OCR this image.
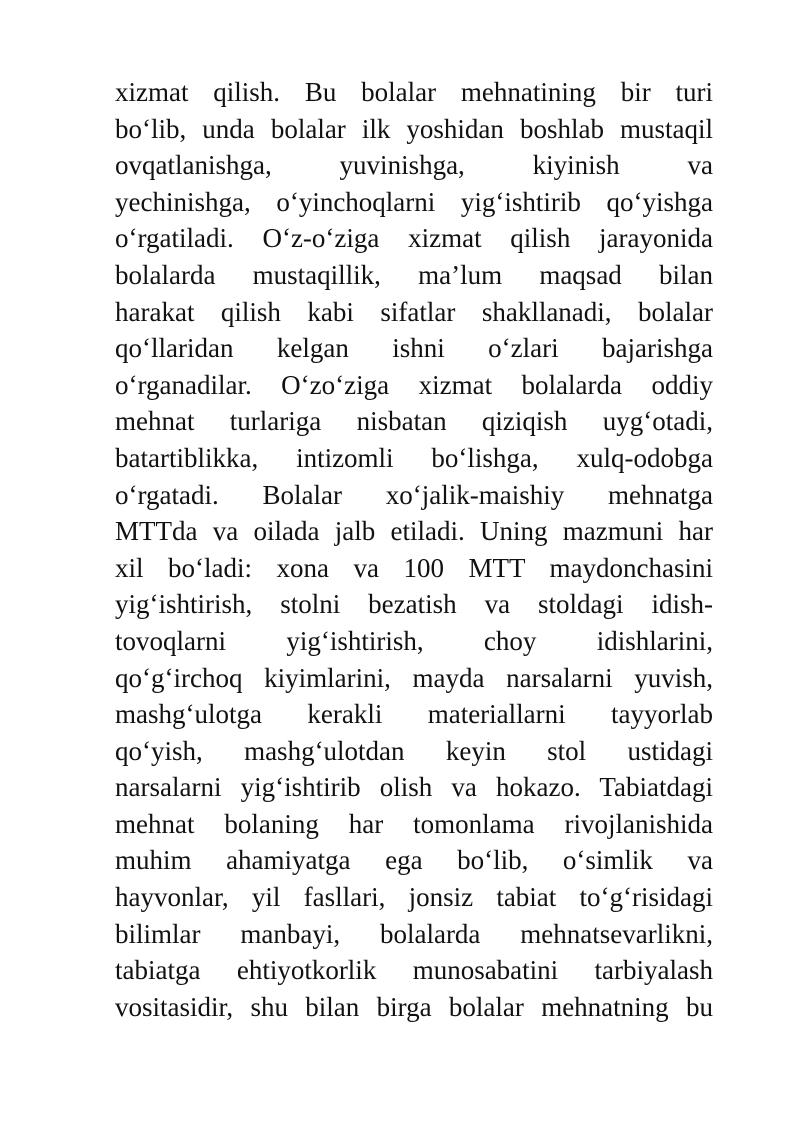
xizmat qilish. Bu bolalar mehnatining bir turi
bo‘lib, unda bolalar ilk yoshidan boshlab mustaqil
ovqatlanishga, yuvinishga, kiyinish va
yechinishga, o‘yinchoqlarni yig‘ishtirib qo‘yishga
o‘rgatiladi. O‘z-o‘ziga xizmat qilish jarayonida
bolalarda mustaqillik, ma’lum maqsad bilan
harakat qilish kabi sifatlar shakllanadi, bolalar
qo‘llaridan kelgan ishni o‘zlari bajarishga
o‘rganadilar. O‘zo‘ziga xizmat bolalarda oddiy
mehnat turlariga nisbatan qiziqish uyg‘otadi,
batartiblikka, intizomli bo‘lishga, xulq-odobga
o‘rgatadi. Bolalar xo‘jalik-maishiy mehnatga
MTTda va oilada jalb etiladi. Uning mazmuni har
xil bo‘ladi: xona va 100 MTT maydonchasini
yig‘ishtirish, stolni bezatish va stoldagi idish-
tovoqlarni yig‘ishtirish, choy idishlarini,
qo‘g‘irchoq kiyimlarini, mayda narsalarni yuvish,
mashg‘ulotga kerakli materiallarni tayyorlab
qo‘yish, mashg‘ulotdan keyin stol ustidagi
narsalarni yig‘ishtirib olish va hokazo. Tabiatdagi
mehnat bolaning har tomonlama rivojlanishida
muhim ahamiyatga ega bo‘lib, o‘simlik va
hayvonlar, yil fasllari, jonsiz tabiat to‘g‘risidagi
bilimlar manbayi, bolalarda mehnatsevarlikni,
tabiatga ehtiyotkorlik munosabatini tarbiyalash
vositasidir, shu bilan birga bolalar mehnatning bu
